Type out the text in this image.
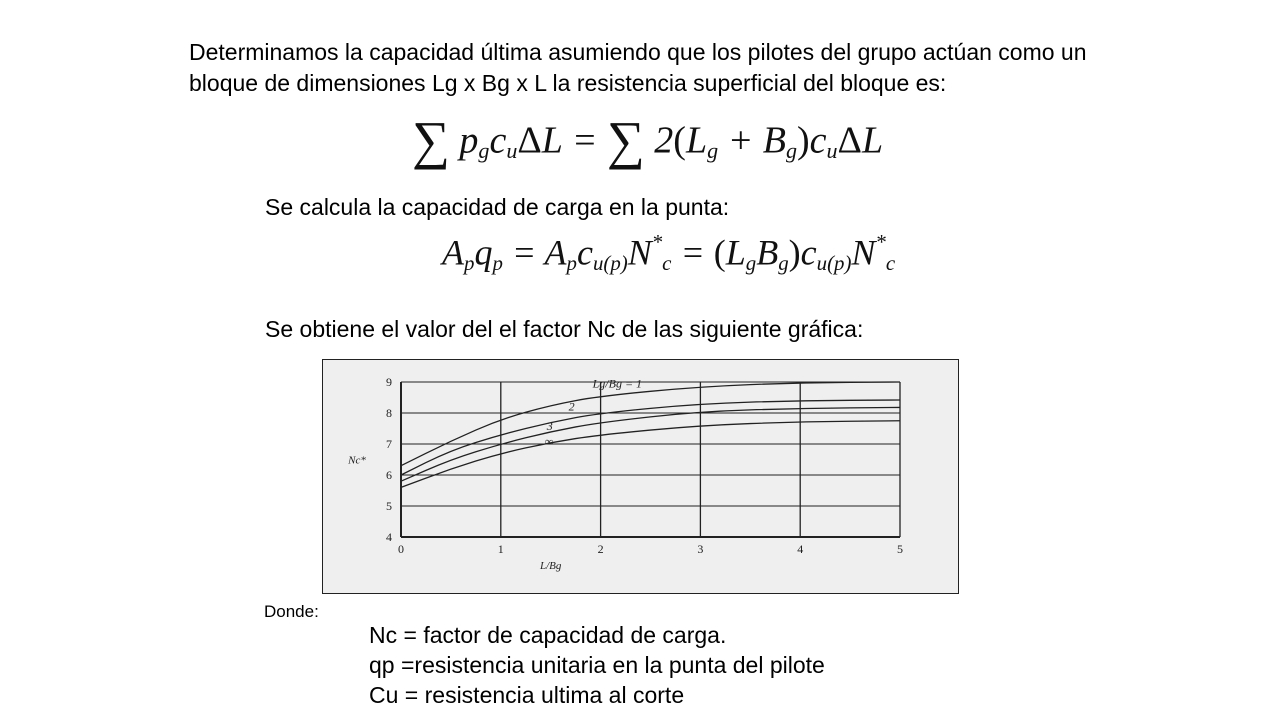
Determinamos la capacidad última asumiendo que los pilotes del grupo actúan como un bloque de dimensiones Lg x Bg x L la resistencia superficial del bloque es:

∑ $p_gc_u\Delta L$ = ∑ $2(L_g + B_g)c_u\Delta L$

Se calcula la capacidad de carga en la punta:

$A_pq_p = A_pc_{u(p)}N^*_c = (L_gB_g)c_{u(p)}N^*_c$

Se obtiene el valor del el factor Nc de las siguiente gráfica:

0	1	2	3	4	5
4
5
6
7
8
9
L/Bg
Nc*
Lg/Bg = 1
2
3
∞
Donde:
Nc = factor de capacidad de carga.
qp =resistencia unitaria en la punta del pilote
Cu = resistencia ultima al corte
